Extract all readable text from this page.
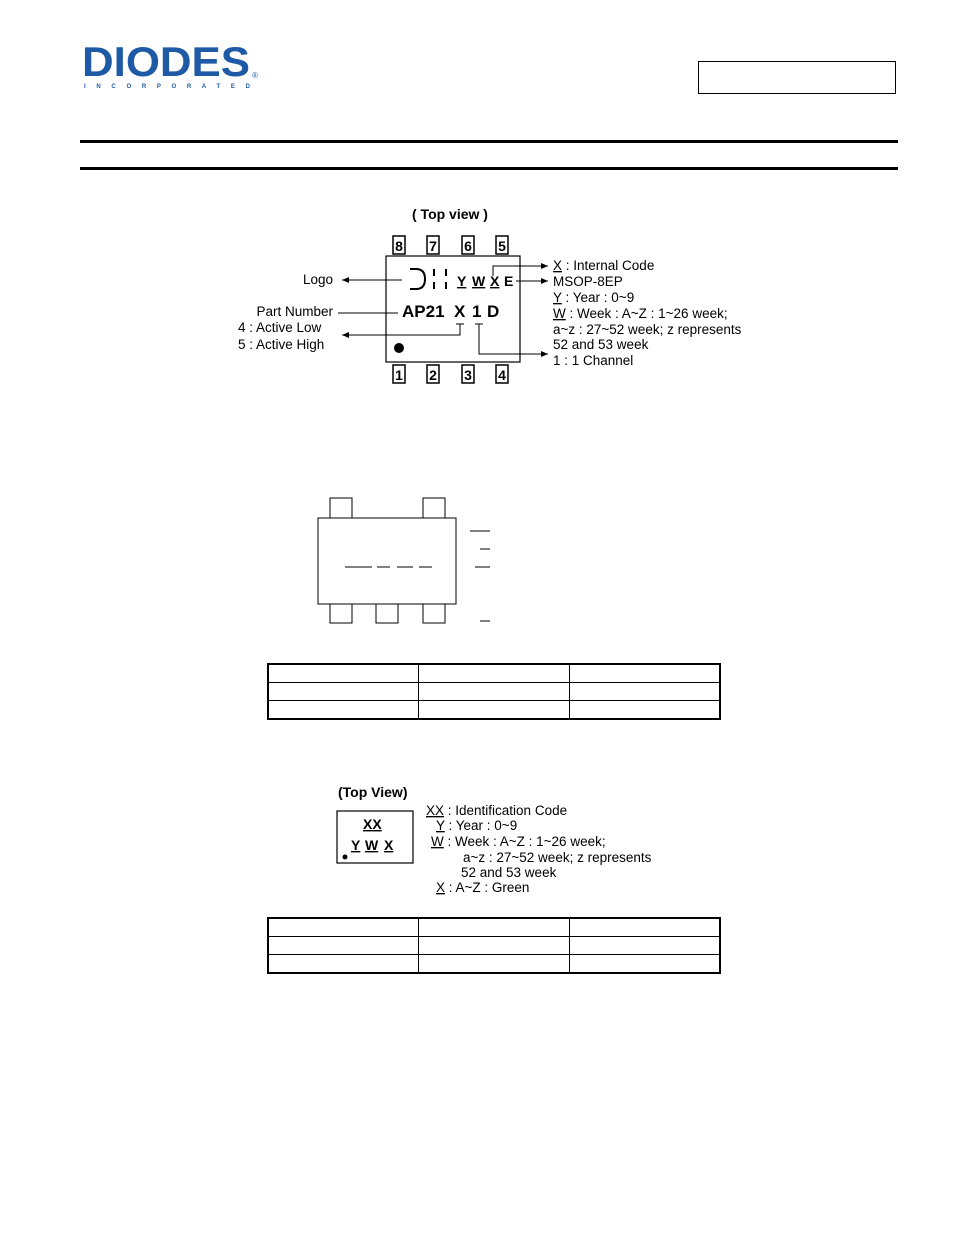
DIODES ®
I N C O R P O R A T E D
( Top view )
8 7 6 5
Y W X E
AP21 X 1 D
1 2 3 4
Logo
Part Number
4 : Active Low
5 : Active High
X : Internal Code
MSOP-8EP
Y : Year : 0~9
W : Week : A~Z : 1~26 week;
a~z : 27~52 week; z represents
52 and 53 week
1 : 1 Channel

(Top View)
XX
Y W X
XX : Identification Code
Y : Year : 0~9
W : Week : A~Z : 1~26 week;
a~z : 27~52 week; z represents
52 and 53 week
X : A~Z : Green
